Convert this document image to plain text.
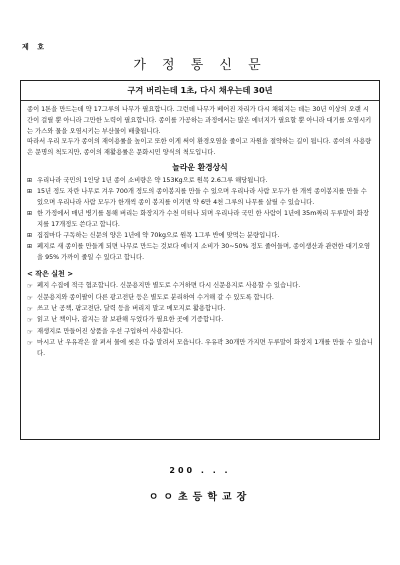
제 호
가 정 통 신 문
구겨 버리는데 1초, 다시 채우는데 30년

종이 1톤을 만드는데 약 17그루의 나무가 필요합니다. 그런데 나무가 베어진 자리가 다시 채워지는 데는 30년 이상의 오랜 시간이 걸릴 뿐 아니라 그만한 노력이 필요합니다. 종이를 가공하는 과정에서는 많은 에너지가 필요할 뿐 아니라 대기를 오염시키는 가스와 물을 오염시키는 부산물이 배출됩니다.

따라서 우리 모두가 종이의 재이용률을 높이고 또한 이게 써이 환경오염을 줄이고 자원을 절약하는 길이 됩니다. 종이의 사용량은 문명의 척도지만, 종이의 재활용률은 문화시민 양식의 척도입니다.

놀라운 환경상식
⊞ 우리나라 국민의 1인당 1년 종이 소비량은 약 153Kg으로 원목 2.6그루 해당됩니다.
⊞ 15년 정도 자란 나무로 겨우 700개 정도의 종이봉지를 만들 수 있으며 우리나라 사람 모두가 한 개씩 종이봉지를 만들 수 있으며 우리나라 사람 모두가 한개씩 종이 봉지를 이겨면 약 6만 4천 그루의 나무를 살릴 수 있습니다.
⊞ 한 가정에서 매년 병기를 통해 버리는 화장지가 수천 미터나 되며 우리나라 국민 한 사람이 1년에 35m짜리 두루말이 화장지를 17개정도 쓴다고 합니다.
⊞ 집집마다 구독하는 신문의 양은 1년에 약 70kg으로 원목 1그루 반에 맞먹는 분량입니다.
⊞ 폐지로 새 종이를 만들게 되면 나무로 만드는 것보다 에너지 소비가 30~50% 정도 줄어들며, 종이생산과 관련한 대기오염을 95% 가까이 줄일 수 있다고 합니다.
< 작은 실천 >
☞ 폐지 수집에 적극 협조합니다. 신문용지만 별도로 수거하면 다시 신문용지로 사용할 수 있습니다.
☞ 신문용지와 종이팔이 다른 광고전단 등은 별도로 분리하여 수거해 갈 수 있도록 합니다.
☞ 쓰고 난 공책, 팜고전단, 달력 등을 버리지 말고 메모지로 활용합니다.
☞ 읽고 난 책이나, 잡지는 잘 보관해 두었다가 필요한 곳에 기증합니다.
☞ 재생지로 만들어진 상품을 우선 구입하여 사용합니다.
☞ 마시고 난 우유곽은 잘 펴서 물에 씻은 다음 말려서 모읍니다. 우유곽 30개만 가지면 두루말이 화장지 1개를 만들 수 있습니다.
200 . . .
ㅇㅇ초등학교장
